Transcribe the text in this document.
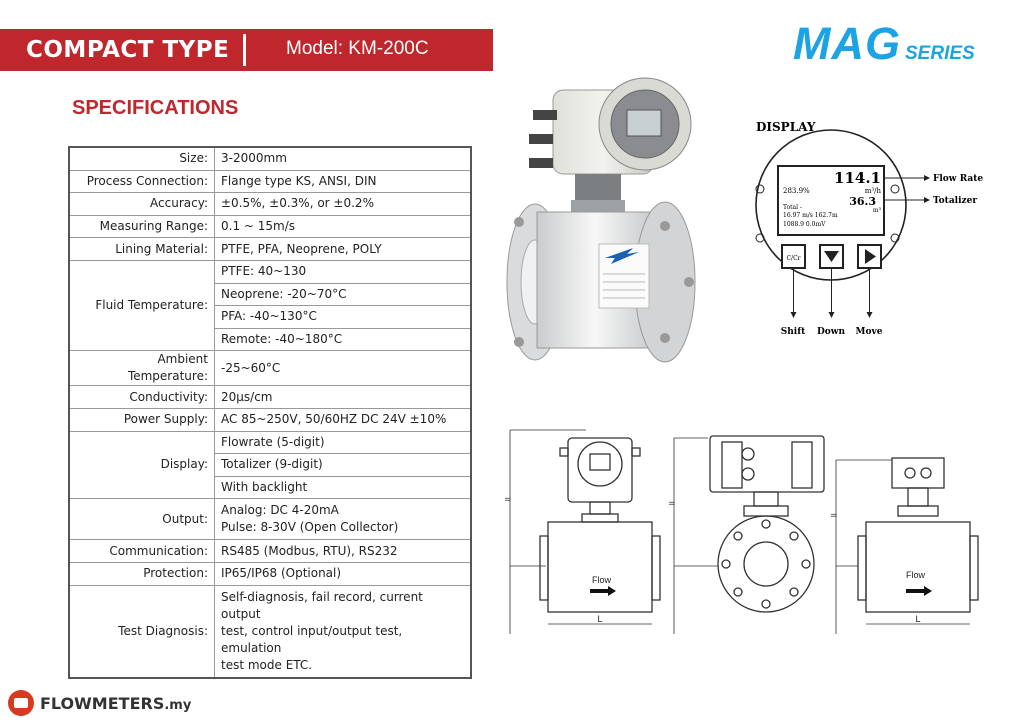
COMPACT TYPE	Model: KM-200C	MAG SERIES
SPECIFICATIONS
Size:	3-2000mm
Process Connection:	Flange type KS, ANSI, DIN
Accuracy:	±0.5%, ±0.3%, or ±0.2%
Measuring Range:	0.1 ~ 15m/s
Lining Material:	PTFE, PFA, Neoprene, POLY
Fluid Temperature:	PTFE: 40~130
	Neoprene: -20~70°C
	PFA: -40~130°C
	Remote: -40~180°C
Ambient Temperature:	-25~60°C
Conductivity:	20µs/cm
Power Supply:	AC 85~250V, 50/60HZ DC 24V ±10%
Display:	Flowrate (5-digit)
	Totalizer (9-digit)
	With backlight
Output:	Analog: DC 4-20mA
Pulse: 8-30V (Open Collector)
Communication:	RS485 (Modbus, RTU), RS232
Protection:	IP65/IP68 (Optional)
Test Diagnosis:	Self-diagnosis, fail record, current output
test, control input/output test, emulation
test mode ETC.
DISPLAY
114.1
283.9%	m³/h
36.3
m³
Total -
16.97 m/s 162.7m
1088.9 0.0mV
Flow Rate
Totalizer
C/Cr
Shift Down Move
=	=
=
Flow	Flow
L	L
FLOWMETERS.my
